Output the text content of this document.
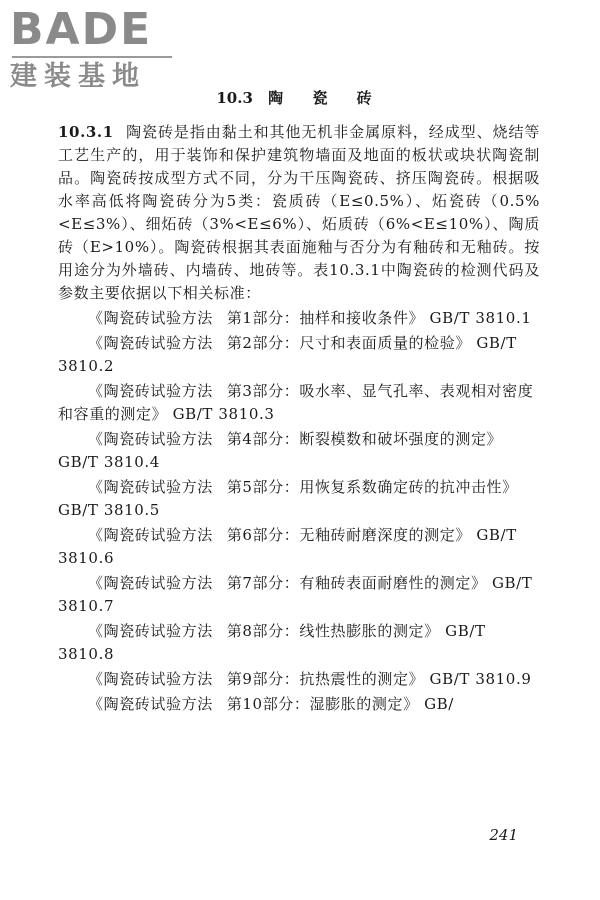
BADE
建装基地
10.3 陶 瓷 砖

10.3.1 陶瓷砖是指由黏土和其他无机非金属原料，经成型、烧结等工艺生产的，用于装饰和保护建筑物墙面及地面的板状或块状陶瓷制品。陶瓷砖按成型方式不同，分为干压陶瓷砖、挤压陶瓷砖。根据吸水率高低将陶瓷砖分为5类：瓷质砖（E≤0.5%）、炻瓷砖（0.5%<E≤3%）、细炻砖（3%<E≤6%）、炻质砖（6%<E≤10%）、陶质砖（E>10%）。陶瓷砖根据其表面施釉与否分为有釉砖和无釉砖。按用途分为外墙砖、内墙砖、地砖等。表10.3.1中陶瓷砖的检测代码及参数主要依据以下相关标准：

《陶瓷砖试验方法 第1部分：抽样和接收条件》 GB/T 3810.1

《陶瓷砖试验方法 第2部分：尺寸和表面质量的检验》 GB/T 3810.2

《陶瓷砖试验方法 第3部分：吸水率、显气孔率、表观相对密度和容重的测定》 GB/T 3810.3

《陶瓷砖试验方法 第4部分：断裂模数和破坏强度的测定》 GB/T 3810.4

《陶瓷砖试验方法 第5部分：用恢复系数确定砖的抗冲击性》 GB/T 3810.5

《陶瓷砖试验方法 第6部分：无釉砖耐磨深度的测定》 GB/T 3810.6

《陶瓷砖试验方法 第7部分：有釉砖表面耐磨性的测定》 GB/T 3810.7

《陶瓷砖试验方法 第8部分：线性热膨胀的测定》 GB/T 3810.8

《陶瓷砖试验方法 第9部分：抗热震性的测定》 GB/T 3810.9

《陶瓷砖试验方法 第10部分：湿膨胀的测定》 GB/

241
